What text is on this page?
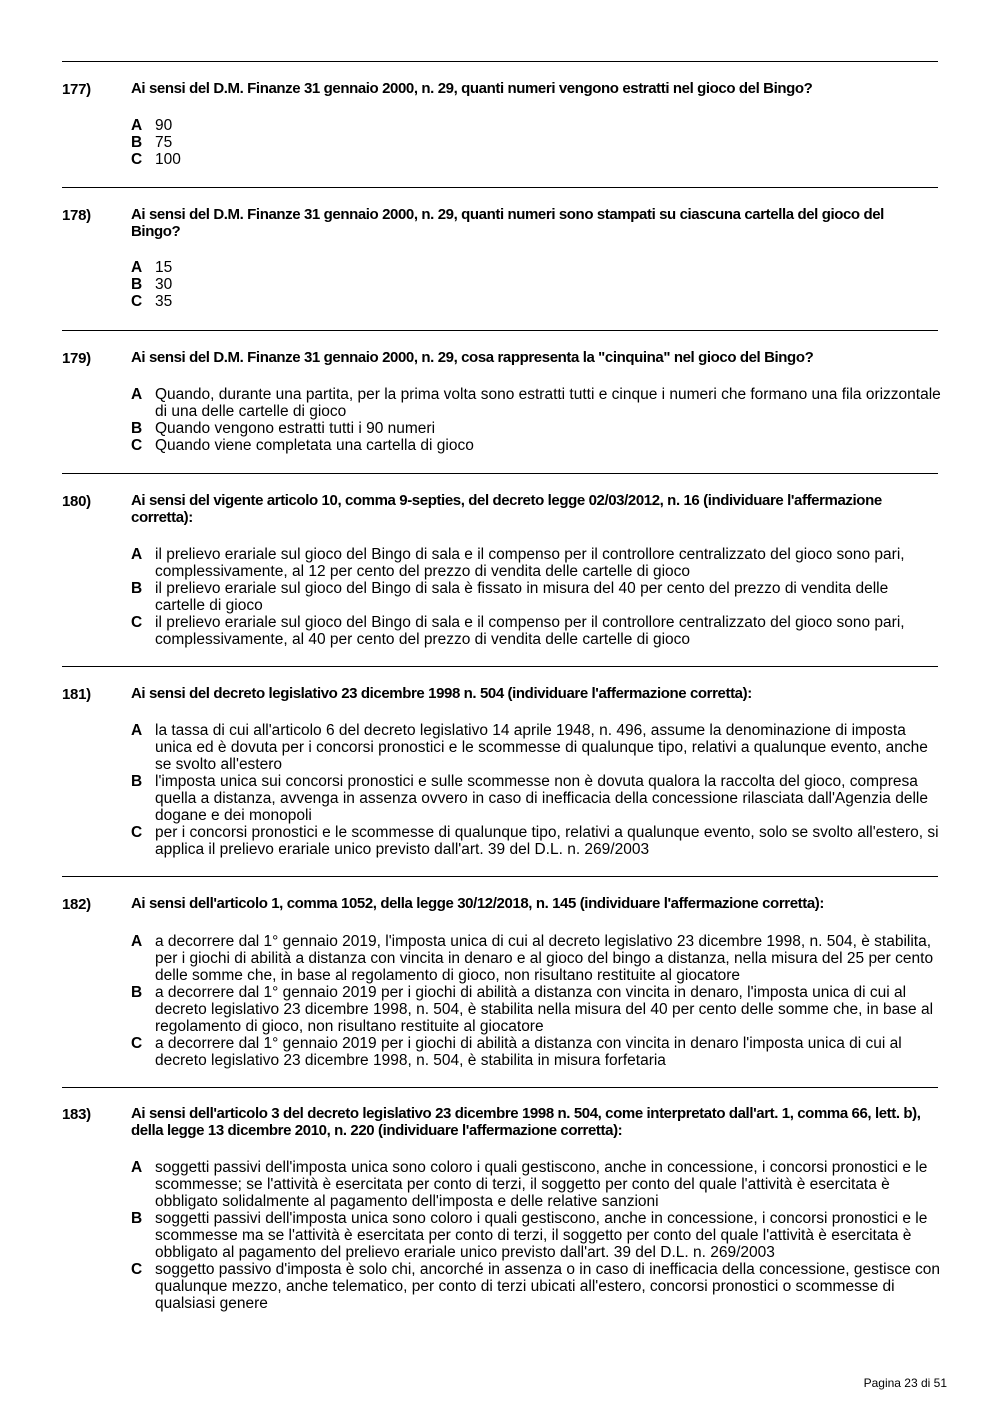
177)	Ai sensi del D.M. Finanze 31 gennaio 2000, n. 29, quanti numeri vengono estratti nel gioco del Bingo?
A 90
B 75
C 100
178)	Ai sensi del D.M. Finanze 31 gennaio 2000, n. 29, quanti numeri sono stampati su ciascuna cartella del gioco del Bingo?
A 15
B 30
C 35
179)	Ai sensi del D.M. Finanze 31 gennaio 2000, n. 29, cosa rappresenta la "cinquina" nel gioco del Bingo?
A Quando, durante una partita, per la prima volta sono estratti tutti e cinque i numeri che formano una fila orizzontale di una delle cartelle di gioco
B Quando vengono estratti tutti i 90 numeri
C Quando viene completata una cartella di gioco
180)	Ai sensi del vigente articolo 10, comma 9-septies, del decreto legge 02/03/2012, n. 16 (individuare l'affermazione corretta):
A il prelievo erariale sul gioco del Bingo di sala e il compenso per il controllore centralizzato del gioco sono pari, complessivamente, al 12 per cento del prezzo di vendita delle cartelle di gioco
B il prelievo erariale sul gioco del Bingo di sala è fissato in misura del 40 per cento del prezzo di vendita delle cartelle di gioco
C il prelievo erariale sul gioco del Bingo di sala e il compenso per il controllore centralizzato del gioco sono pari, complessivamente, al 40 per cento del prezzo di vendita delle cartelle di gioco
181)	Ai sensi del decreto legislativo 23 dicembre 1998 n. 504 (individuare l'affermazione corretta):
A la tassa di cui all'articolo 6 del decreto legislativo 14 aprile 1948, n. 496, assume la denominazione di imposta unica ed è dovuta per i concorsi pronostici e le scommesse di qualunque tipo, relativi a qualunque evento, anche se svolto all'estero
B l'imposta unica sui concorsi pronostici e sulle scommesse non è dovuta qualora la raccolta del gioco, compresa quella a distanza, avvenga in assenza ovvero in caso di inefficacia della concessione rilasciata dall'Agenzia delle dogane e dei monopoli
C per i concorsi pronostici e le scommesse di qualunque tipo, relativi a qualunque evento, solo se svolto all'estero, si applica il prelievo erariale unico previsto dall'art. 39 del D.L. n. 269/2003
182)	Ai sensi dell'articolo 1, comma 1052, della legge 30/12/2018, n. 145 (individuare l'affermazione corretta):
A a decorrere dal 1° gennaio 2019, l'imposta unica di cui al decreto legislativo 23 dicembre 1998, n. 504, è stabilita, per i giochi di abilità a distanza con vincita in denaro e al gioco del bingo a distanza, nella misura del 25 per cento delle somme che, in base al regolamento di gioco, non risultano restituite al giocatore
B a decorrere dal 1° gennaio 2019 per i giochi di abilità a distanza con vincita in denaro, l'imposta unica di cui al decreto legislativo 23 dicembre 1998, n. 504, è stabilita nella misura del 40 per cento delle somme che, in base al regolamento di gioco, non risultano restituite al giocatore
C a decorrere dal 1° gennaio 2019 per i giochi di abilità a distanza con vincita in denaro l'imposta unica di cui al decreto legislativo 23 dicembre 1998, n. 504, è stabilita in misura forfetaria
183)	Ai sensi dell'articolo 3 del decreto legislativo 23 dicembre 1998 n. 504, come interpretato dall'art. 1, comma 66, lett. b), della legge 13 dicembre 2010, n. 220 (individuare l'affermazione corretta):
A soggetti passivi dell'imposta unica sono coloro i quali gestiscono, anche in concessione, i concorsi pronostici e le scommesse; se l'attività è esercitata per conto di terzi, il soggetto per conto del quale l'attività è esercitata è obbligato solidalmente al pagamento dell'imposta e delle relative sanzioni
B soggetti passivi dell'imposta unica sono coloro i quali gestiscono, anche in concessione, i concorsi pronostici e le scommesse ma se l'attività è esercitata per conto di terzi, il soggetto per conto del quale l'attività è esercitata è obbligato al pagamento del prelievo erariale unico previsto dall'art. 39 del D.L. n. 269/2003
C soggetto passivo d'imposta è solo chi, ancorché in assenza o in caso di inefficacia della concessione, gestisce con qualunque mezzo, anche telematico, per conto di terzi ubicati all'estero, concorsi pronostici o scommesse di qualsiasi genere
Pagina 23 di 51
